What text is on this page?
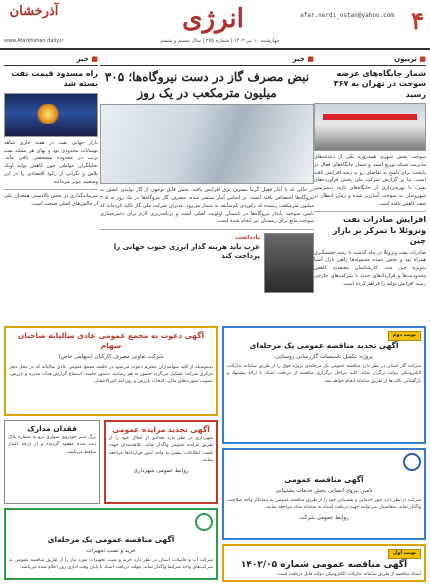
۴
afar.nerdi_ostan@yahoo.com
انرژی
چهارشنبه ۱۰ تیر ۱۴۰۲ | شماره ۲۷۵ | سال بیستم و ششم
آذرخشان
www.Afarkhshan.daily.ir
■ تریبون
شمار جایگاه‌های عرضه سوخت در تهران به ۳۶۷ رسید

سوخت بخش شهری همه‌روزه یکی از دغدغه‌های مدیریت شبکه توزیع است و شمار جایگاه‌های فعال در پایتخت برای پاسخ به تقاضای رو به رشد افزایش یافته است. بنا بر گزارش شرکت ملی پخش فرآورده‌های نفتی، با بهره‌برداری از جایگاه‌های تازه، دسترسی شهروندان به سوخت آسان‌تر شده و زمان انتظار در صف کاهش یافته است.

افزایش صادرات نفت ونزوئلا با تمرکز بر بازار چین

صادرات نفت ونزوئلا در ماه گذشته با رشد چشمگیری همراه بود و بخش عمده محموله‌ها راهی بازار آسیا به‌ویژه چین شد. کارشناسان معتقدند کاهش محدودیت‌ها و قراردادهای جدید با شرکت‌های خارجی زمینه افزایش تولید را فراهم کرده است.

■ خبر
نبض مصرف گاز در دست نیروگاه‌ها؛ ۳۰۵ میلیون مترمکعب در یک روز

در حالی که با آغاز فصل گرما مصرف برق افزایش یافته، بخش قابل توجهی از گاز تولیدی کشور به نیروگاه‌ها اختصاص یافته است. بر اساس آمار منتشر شده، مصرف گاز نیروگاه‌ها در یک روز به ۳۰۵ میلیون مترمکعب رسیده که رکوردی کم‌سابقه به شمار می‌رود. مدیران شرکت ملی گاز تاکید کرده‌اند که تامین سوخت پایدار نیروگاه‌ها در تابستان اولویت اصلی است و برنامه‌ریزی لازم برای ذخیره‌سازی سوخت مایع برای زمستان نیز انجام شده است.

یادداشت
غرب باید هزینه گذار انرژی جنوب جهانی را پرداخت کند
■ خبر
راه مسدود قیمت نفت بسته شد

بازار جهانی نفت در هفته جاری شاهد نوسانات محدودی بود و بهای هر بشکه نفت برنت در محدوده مشخصی باقی ماند. تحلیلگران عواملی چون کاهش تولید اوپک پلاس و نگرانی از رکود اقتصادی را در این وضعیت موثر می‌دانند.

سرمایه‌گذاری در بخش بالادستی همچنان یکی از چالش‌های اصلی صنعت است.

نوبت دوم
آگهی تجدید مناقصه عمومی یک مرحله‌ای
پروژه: تکمیل تاسیسات گازرسانی روستایی

شرکت گاز استان در نظر دارد مناقصه عمومی یک مرحله‌ای پروژه فوق را از طریق سامانه تدارکات الکترونیکی دولت برگزار نماید. کلیه مراحل برگزاری مناقصه از دریافت اسناد تا ارائه پیشنهاد و بازگشایی پاکت‌ها از طریق سامانه انجام خواهد شد.

آگهی دعوت به مجمع عمومی عادی سالیانه صاحبان سهام
شرکت تعاونی مصرف کارکنان (سهامی خاص)

بدینوسیله از کلیه سهامداران محترم دعوت می‌شود در جلسه مجمع عمومی عادی سالیانه که در محل دفتر مرکزی شرکت تشکیل می‌گردد حضور به هم رسانند. دستور جلسه: استماع گزارش هیات مدیره و بازرس، تصویب صورت‌های مالی، انتخاب بازرس و روزنامه کثیرالانتشار.

آگهی مناقصه عمومی
تامین نیروی انسانی بخش خدمات پشتیبانی

شرکت در نظر دارد امور خدماتی و پشتیبانی خود را از طریق مناقصه عمومی به پیمانکار واجد صلاحیت واگذار نماید. متقاضیان می‌توانند جهت دریافت اسناد به سامانه ستاد مراجعه نمایند.

روابط عمومی شرکت
آگهی تجدید مزایده عمومی

شهرداری در نظر دارد تعدادی از املاک خود را از طریق مزایده عمومی واگذار نماید. علاقه‌مندان جهت کسب اطلاعات بیشتر به واحد امور قراردادها مراجعه نمایند.

روابط عمومی شهرداری
فقدان مدارک

برگ سبز خودروی سواری پژو به شماره پلاک ثبت شده مفقود گردیده و از درجه اعتبار ساقط می‌باشد.

آگهی مناقصه عمومی یک مرحله‌ای
خرید و نصب تجهیزات

شرکت آب و فاضلاب استان در نظر دارد خرید و نصب تجهیزات مورد نیاز را از طریق مناقصه عمومی به شرکت‌های واجد شرایط واگذار نماید. مهلت دریافت اسناد تا پایان وقت اداری روز اعلام شده می‌باشد.

نوبت اول
آگهی مناقصه عمومی شماره ۱۴۰۲/۰۵

اسناد مناقصه از طریق سامانه تدارکات الکترونیکی دولت قابل دریافت است.
